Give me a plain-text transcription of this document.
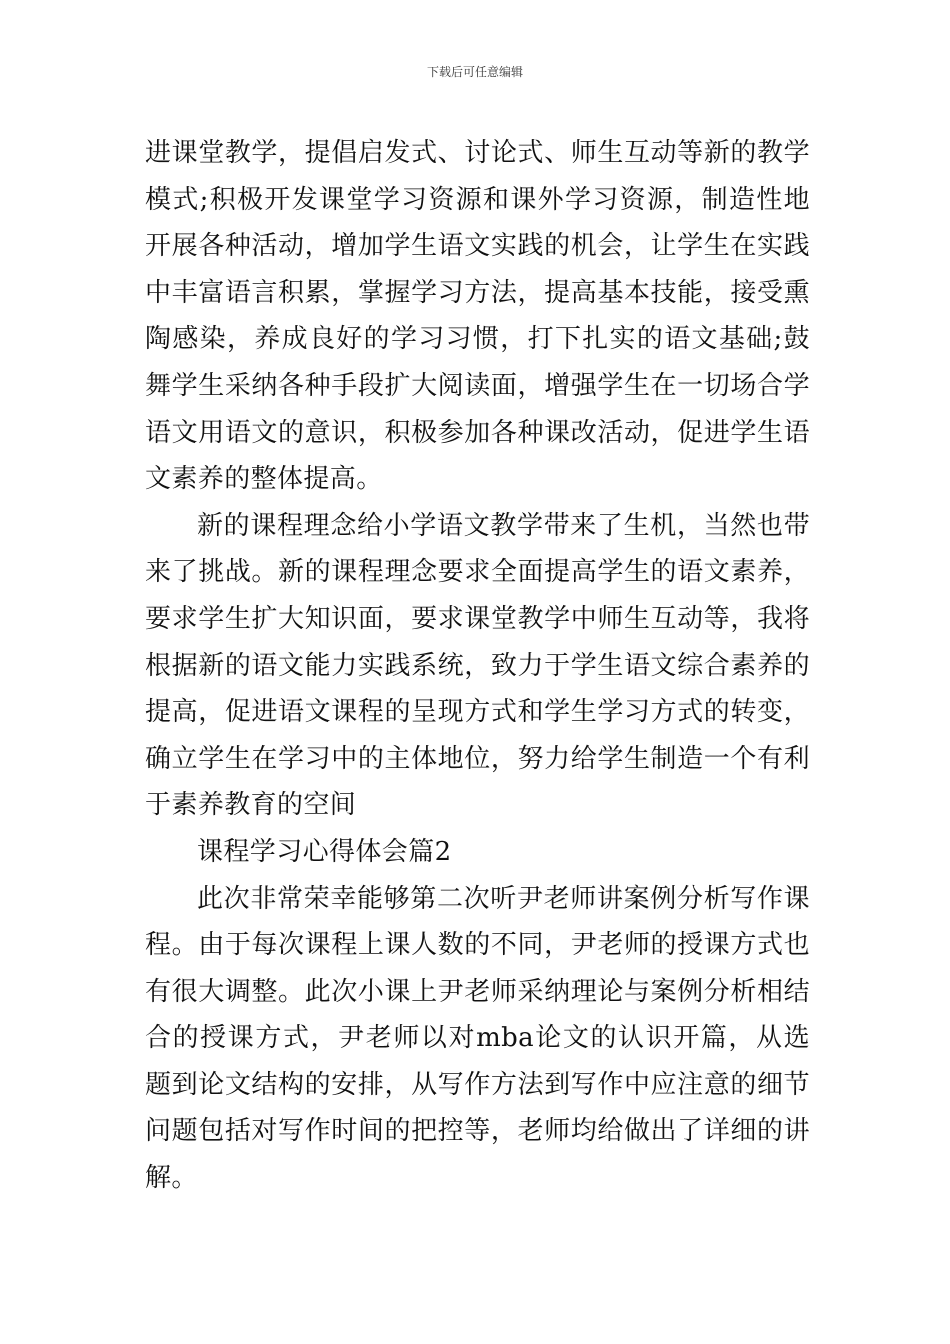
下载后可任意编辑

进课堂教学，提倡启发式、讨论式、师生互动等新的教学模式;积极开发课堂学习资源和课外学习资源，制造性地开展各种活动，增加学生语文实践的机会，让学生在实践中丰富语言积累，掌握学习方法，提高基本技能，接受熏陶感染，养成良好的学习习惯，打下扎实的语文基础;鼓舞学生采纳各种手段扩大阅读面，增强学生在一切场合学语文用语文的意识，积极参加各种课改活动，促进学生语文素养的整体提高。

新的课程理念给小学语文教学带来了生机，当然也带来了挑战。新的课程理念要求全面提高学生的语文素养，要求学生扩大知识面，要求课堂教学中师生互动等，我将根据新的语文能力实践系统，致力于学生语文综合素养的提高，促进语文课程的呈现方式和学生学习方式的转变，确立学生在学习中的主体地位，努力给学生制造一个有利于素养教育的空间

课程学习心得体会篇2

此次非常荣幸能够第二次听尹老师讲案例分析写作课程。由于每次课程上课人数的不同，尹老师的授课方式也有很大调整。此次小课上尹老师采纳理论与案例分析相结合的授课方式，尹老师以对mba论文的认识开篇，从选题到论文结构的安排，从写作方法到写作中应注意的细节问题包括对写作时间的把控等，老师均给做出了详细的讲解。
